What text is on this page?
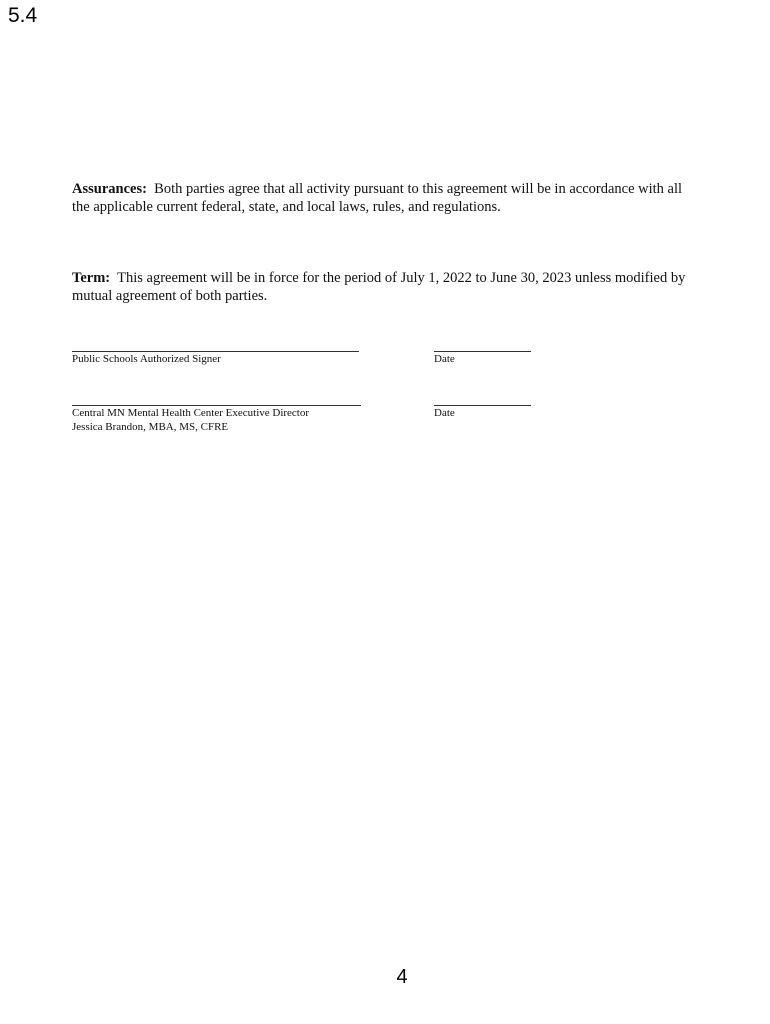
5.4
Assurances: Both parties agree that all activity pursuant to this agreement will be in accordance with all the applicable current federal, state, and local laws, rules, and regulations.
Term: This agreement will be in force for the period of July 1, 2022 to June 30, 2023 unless modified by mutual agreement of both parties.
Public Schools Authorized Signer	Date
Central MN Mental Health Center Executive Director
Jessica Brandon, MBA, MS, CFRE
Date
4
